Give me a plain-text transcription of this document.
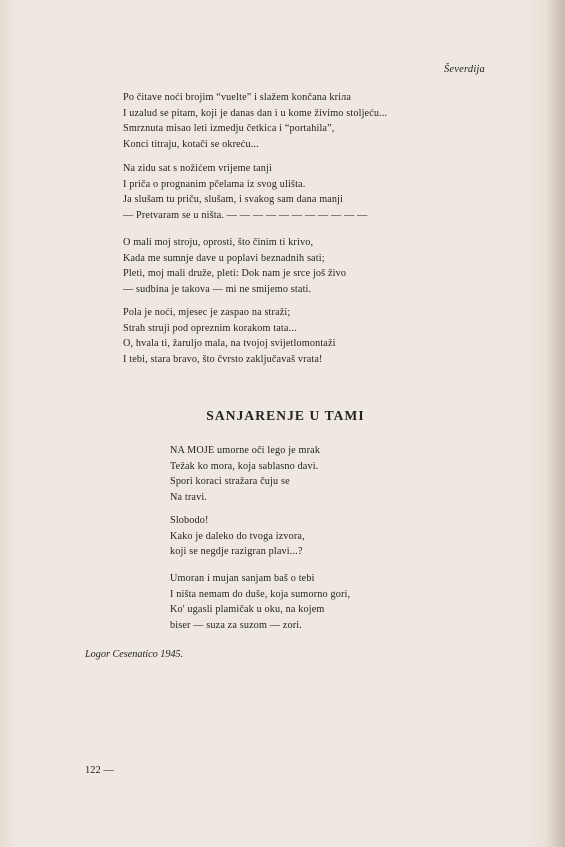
Ševerdija
Po čitave noći brojim “vuelte” i slažem končana kriла
I uzalud se pitam, koji je danas dan i u kome živimo stoljeću...
Smrznuta misao leti izmedju četkica i “portahila”,
Konci titraju, kotači se okreću...
Na zidu sat s nožićem vrijeme tanji
I priča o prognanim pčelama iz svog ulišta.
Ja slušam tu priču, slušam, i svakog sam dana manji
— Pretvaram se u ništa. — — — — — — — — — — —
O mali moj stroju, oprosti, što činim ti krivo,
Kada me sumnje dave u poplavi beznadnih sati;
Pleti, moj mali druže, pleti: Dok nam je srce još živo
— sudbina je takova — mi ne smijemo stati.
Pola je noći, mjesec je zaspao na straži;
Strah struji pod opreznim korakom tata...
O, hvala ti, žaruljo mala, na tvojoj svijetlomontaži
I tebi, stara bravo, što čvrsto zaključavaš vrata!
SANJARENJE U TAMI
NA MOJE umorne oči lego je mrak
Težak ko mora, koja sablasno davi.
Spori koraci stražara čuju se
Na travi.
Slobodo!
Kako je daleko do tvoga izvora,
koji se negdje razigran plavi...?
Umoran i mujan sanjam baš o tebi
I ništa nemam do duše, koja sumorno gori,
Ko' ugasli plamičak u oku, na kojem
biser — suza za suzom — zori.

Logor Cesenatico 1945.

122 —
